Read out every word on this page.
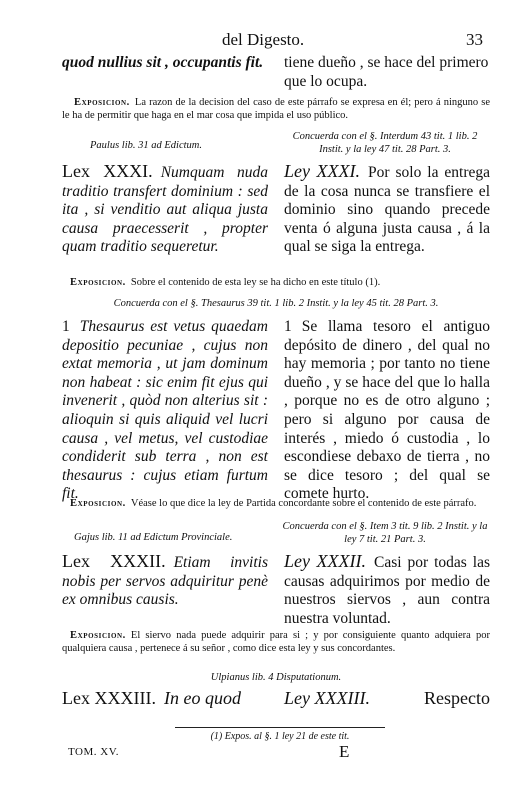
del Digesto.	33
quod nullius sit , occupantis fit.	tiene dueño , se hace del primero que lo ocupa.
Exposicion. La razon de la decision del caso de este párrafo se expresa en él; pero á ninguno se le ha de permitir que haga en el mar cosa que impida el uso público.
Paulus lib. 31 ad Edictum.
Concuerda con el §. Interdum 43 tit. 1 lib. 2 Instit. y la ley 47 tit. 28 Part. 3.
Lex XXXI. Numquam nuda traditio transfert dominium : sed ita , si venditio aut aliqua justa causa praecesserit , propter quam traditio sequeretur.
Ley XXXI. Por solo la entrega de la cosa nunca se transfiere el dominio sino quando precede venta ó alguna justa causa , á la qual se siga la entrega.
Exposicion. Sobre el contenido de esta ley se ha dicho en este título (1).
Concuerda con el §. Thesaurus 39 tit. 1 lib. 2 Instit. y la ley 45 tit. 28 Part. 3.
1 Thesaurus est vetus quaedam depositio pecuniae , cujus non extat memoria , ut jam dominum non habeat : sic enim fit ejus qui invenerit , quòd non alterius sit : alioquin si quis aliquid vel lucri causa , vel metus, vel custodiae condiderit sub terra , non est thesaurus : cujus etiam furtum fit.
1 Se llama tesoro el antiguo depósito de dinero , del qual no hay memoria ; por tanto no tiene dueño , y se hace del que lo halla , porque no es de otro alguno ; pero si alguno por causa de interés , miedo ó custodia , lo escondiese debaxo de tierra , no se dice tesoro ; del qual se comete hurto.
Exposicion. Véase lo que dice la ley de Partida concordante sobre el contenido de este párrafo.
Gajus lib. 11 ad Edictum Provinciale.
Concuerda con el §. Item 3 tit. 9 lib. 2 Instit. y la ley 7 tit. 21 Part. 3.
Lex XXXII. Etiam invitis nobis per servos adquiritur penè ex omnibus causis.
Ley XXXII. Casi por todas las causas adquirimos por medio de nuestros siervos , aun contra nuestra voluntad.
Exposicion. El siervo nada puede adquirir para si ; y por consiguiente quanto adquiera por qualquiera causa , pertenece á su señor , como dice esta ley y sus concordantes.
Ulpianus lib. 4 Disputationum.
Lex XXXIII. In eo quod	Ley XXXIII.	Respecto
(1) Expos. al §. 1 ley 21 de este tit.
TOM. XV.	E
